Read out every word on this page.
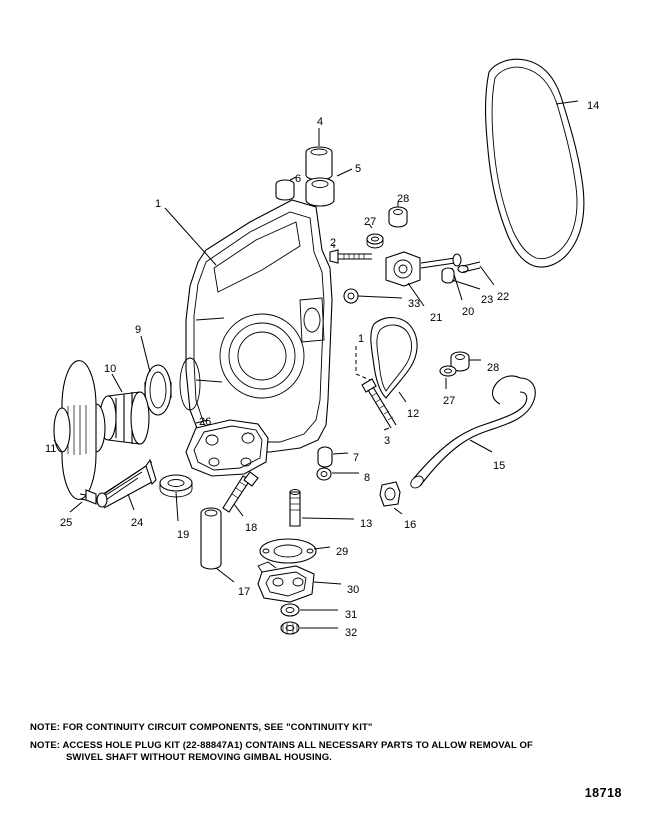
1
2
3
4
5
6
7
8
9
10
11
12
13
14
15
16
17
18
19
20
21
22
23
24
25
26
27
28
27
28
29
30
31
32
33
1
NOTE: FOR CONTINUITY CIRCUIT COMPONENTS, SEE "CONTINUITY KIT"
NOTE: ACCESS HOLE PLUG KIT (22-88847A1) CONTAINS ALL NECESSARY PARTS TO ALLOW REMOVAL OF
SWIVEL SHAFT WITHOUT REMOVING GIMBAL HOUSING.
18718
